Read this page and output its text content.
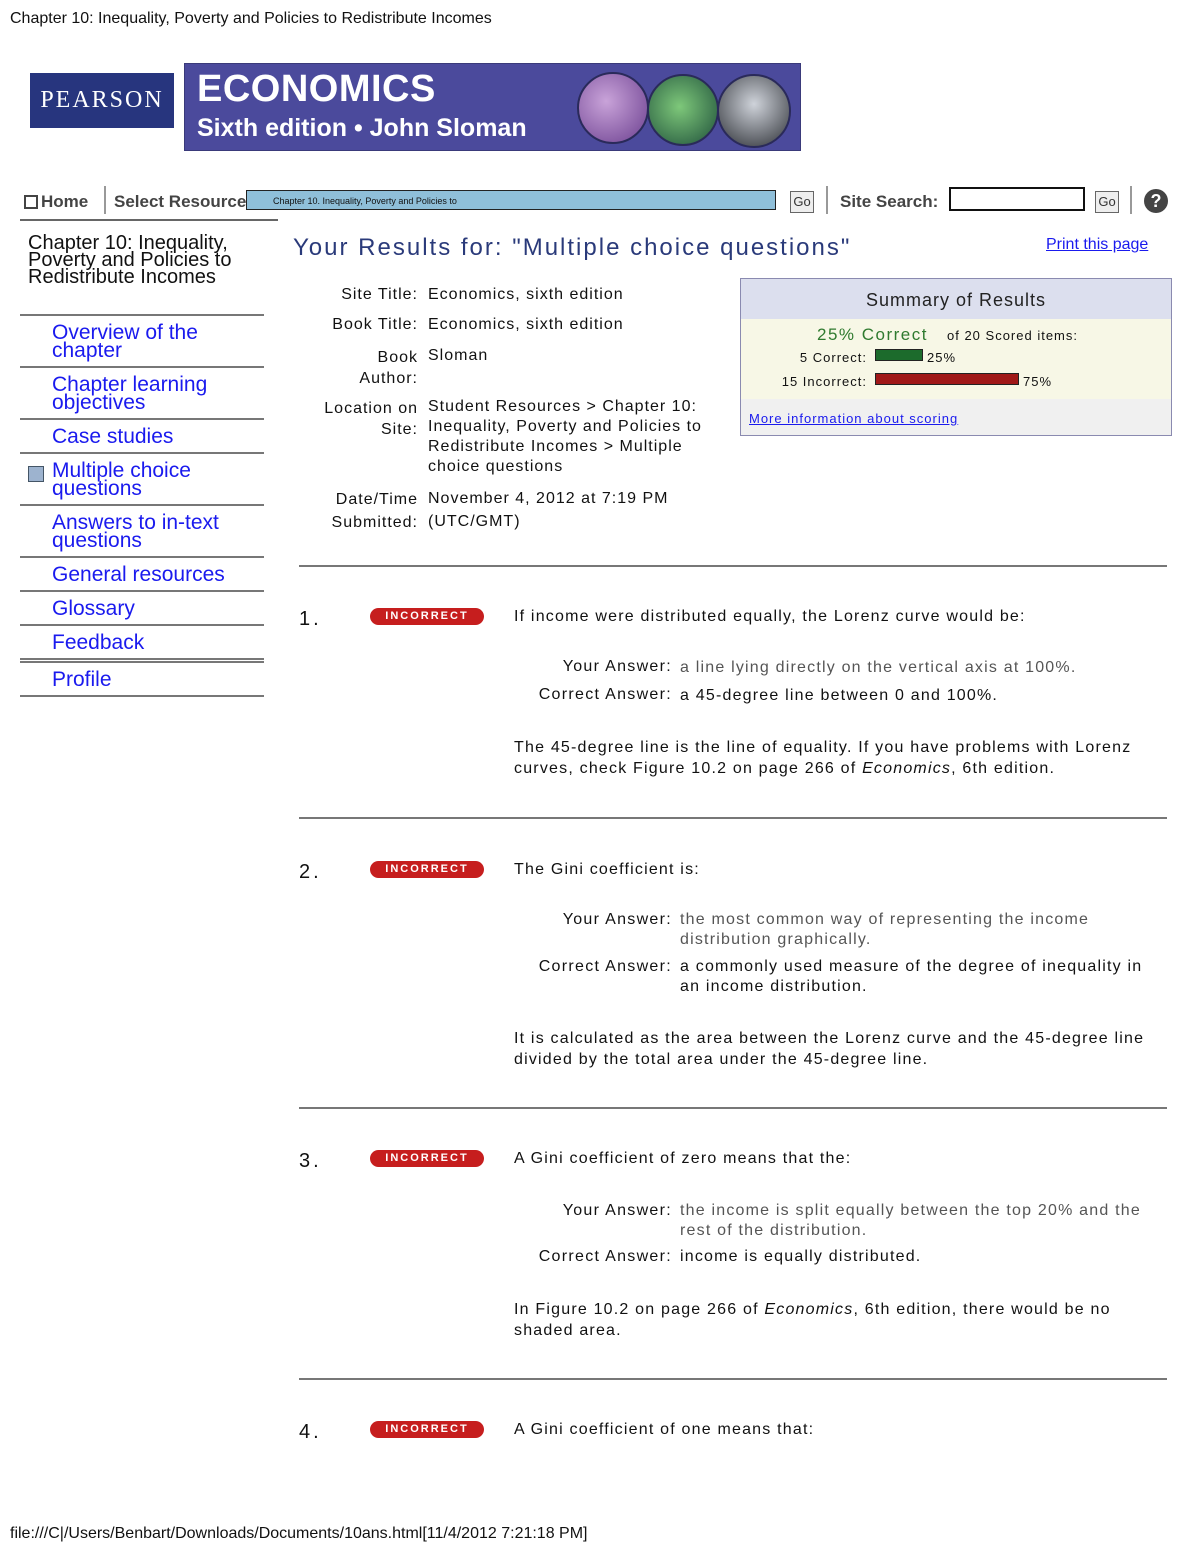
Chapter 10: Inequality, Poverty and Policies to Redistribute Incomes
file:///C|/Users/Benbart/Downloads/Documents/10ans.html[11/4/2012 7:21:18 PM]
PEARSON ECONOMICS
Sixth edition • John Sloman
Home Select Resource	Chapter 10. Inequality, Poverty and Policies to	Go Site Search:	Go	?
Chapter 10: Inequality, Poverty and Policies to Redistribute Incomes
Overview of the chapter
Chapter learning objectives
Case studies
Multiple choice questions
Answers to in-text questions
General resources
Glossary
Feedback
Profile
Your Results for: "Multiple choice questions"	Print this page
Site Title: Economics, sixth edition
Book Title: Economics, sixth edition
Book Author:
Sloman
Location on Site:
Student Resources > Chapter 10: Inequality, Poverty and Policies to Redistribute Incomes > Multiple choice questions
Date/Time Submitted:
November 4, 2012 at 7:19 PM (UTC/GMT)
Summary of Results
25% Correct of 20 Scored items:
5 Correct:	25%
15 Incorrect:	75%
More information about scoring
1.	INCORRECT	If income were distributed equally, the Lorenz curve would be:
Your Answer: a line lying directly on the vertical axis at 100%.
Correct Answer: a 45-degree line between 0 and 100%.
The 45-degree line is the line of equality. If you have problems with Lorenz curves, check Figure 10.2 on page 266 of Economics, 6th edition.
2.	INCORRECT	The Gini coefficient is:
Your Answer: the most common way of representing the income distribution graphically.
Correct Answer: a commonly used measure of the degree of inequality in an income distribution.
It is calculated as the area between the Lorenz curve and the 45-degree line divided by the total area under the 45-degree line.
3.	INCORRECT	A Gini coefficient of zero means that the:
Your Answer: the income is split equally between the top 20% and the rest of the distribution.
Correct Answer: income is equally distributed.
In Figure 10.2 on page 266 of Economics, 6th edition, there would be no shaded area.
4.	INCORRECT	A Gini coefficient of one means that:
